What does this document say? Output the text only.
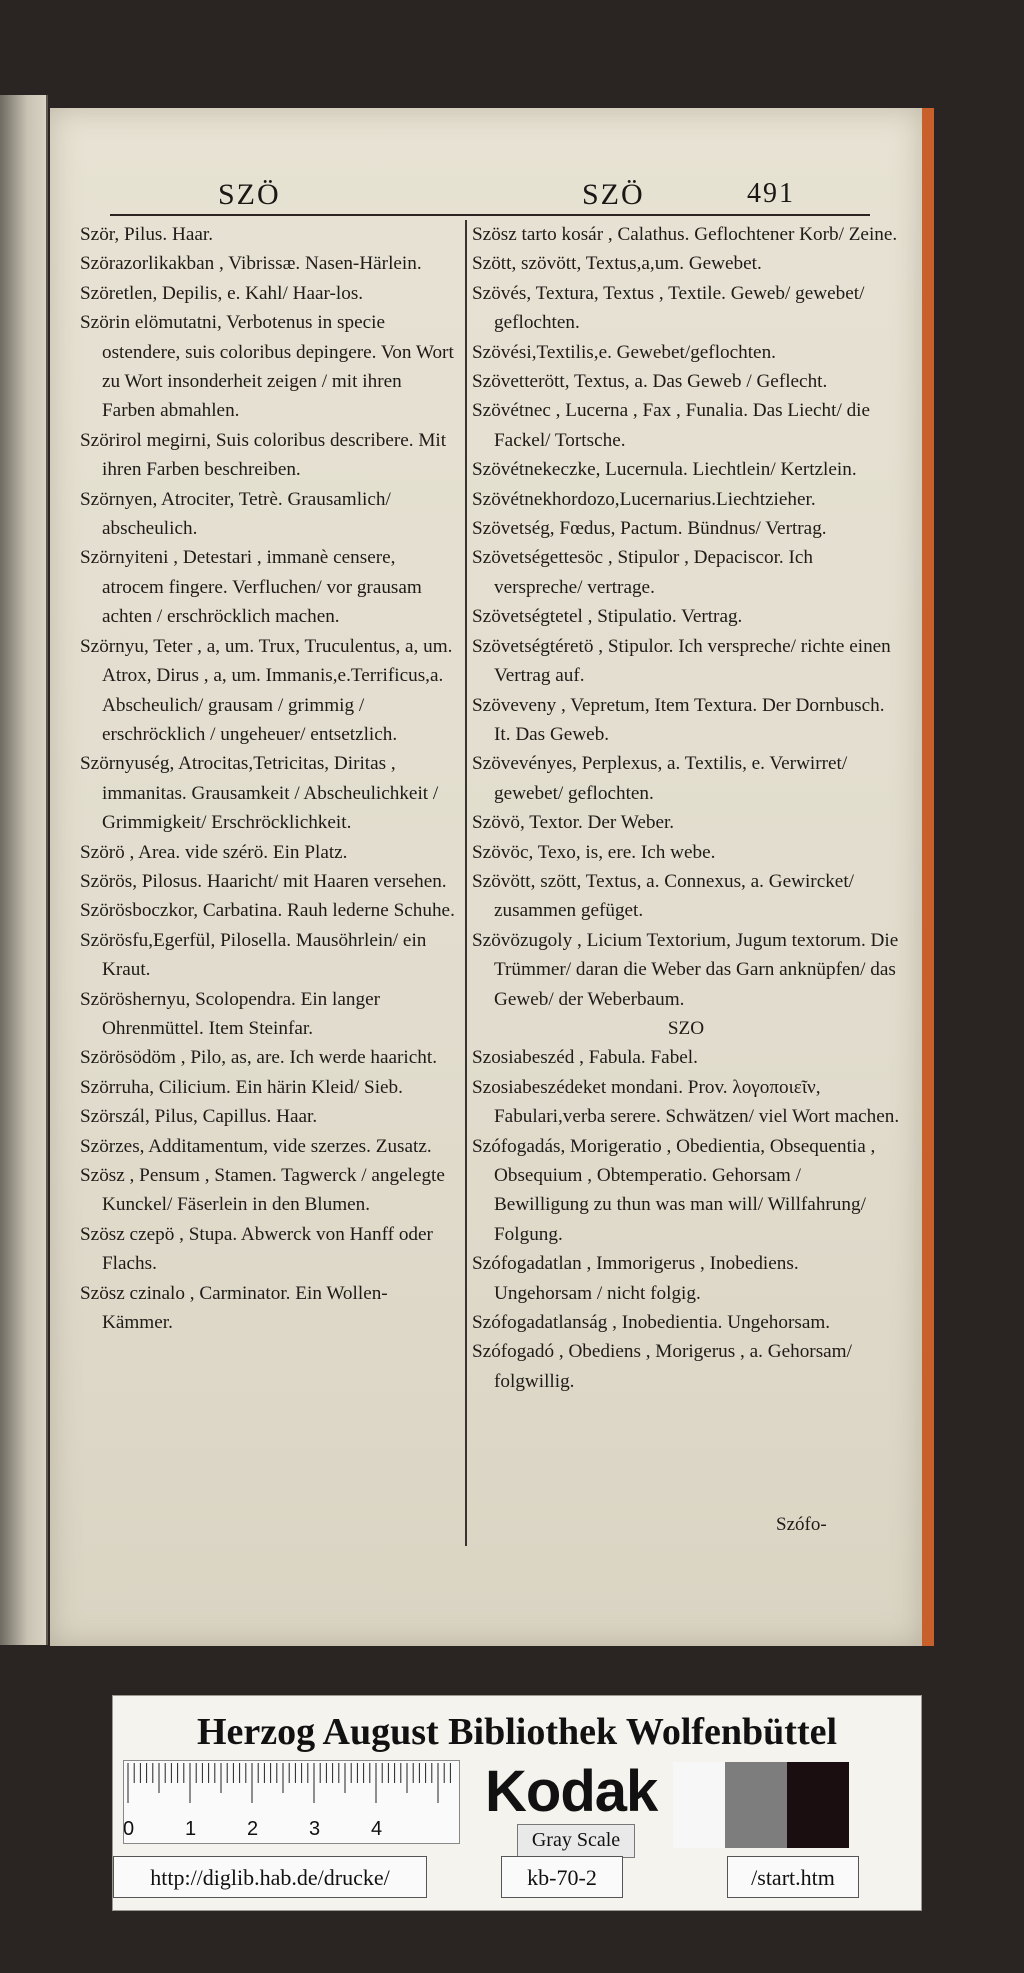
SZÖ	SZÖ	491

Ször, Pilus. Haar.

Szörazorlikakban , Vibrissæ. Nasen-Härlein.

Szöretlen, Depilis, e. Kahl/ Haar-los.

Szörin elömutatni, Verbotenus in specie ostendere, suis coloribus depingere. Von Wort zu Wort insonderheit zeigen / mit ihren Farben abmahlen.

Szörirol megirni, Suis coloribus describere. Mit ihren Farben beschreiben.

Szörnyen, Atrociter, Tetrè. Grausamlich/ abscheulich.

Szörnyiteni , Detestari , immanè censere, atrocem fingere. Verfluchen/ vor grausam achten / erschröcklich machen.

Szörnyu, Teter , a, um. Trux, Truculentus, a, um. Atrox, Dirus , a, um. Immanis,e.Terrificus,a. Abscheulich/ grausam / grimmig / erschröcklich / ungeheuer/ entsetzlich.

Szörnyuség, Atrocitas,Tetricitas, Diritas , immanitas. Grausamkeit / Abscheulichkeit / Grimmigkeit/ Erschröcklichkeit.

Szörö , Area. vide szérö. Ein Platz.

Szörös, Pilosus. Haaricht/ mit Haaren versehen.

Szörösboczkor, Carbatina. Rauh lederne Schuhe.

Szörösfu,Egerfül, Pilosella. Mausöhrlein/ ein Kraut.

Szöröshernyu, Scolopendra. Ein langer Ohrenmüttel. Item Steinfar.

Szörösödöm , Pilo, as, are. Ich werde haaricht.

Szörruha, Cilicium. Ein härin Kleid/ Sieb.

Szörszál, Pilus, Capillus. Haar.

Szörzes, Additamentum, vide szerzes. Zusatz.

Szösz , Pensum , Stamen. Tagwerck / angelegte Kunckel/ Fäserlein in den Blumen.

Szösz czepö , Stupa. Abwerck von Hanff oder Flachs.

Szösz czinalo , Carminator. Ein Wollen-Kämmer.

Szösz tarto kosár , Calathus. Geflochtener Korb/ Zeine.

Szött, szövött, Textus,a,um. Gewebet.

Szövés, Textura, Textus , Textile. Geweb/ gewebet/ geflochten.

Szövési,Textilis,e. Gewebet/geflochten.

Szövetterött, Textus, a. Das Geweb / Geflecht.

Szövétnec , Lucerna , Fax , Funalia. Das Liecht/ die Fackel/ Tortsche.

Szövétnekeczke, Lucernula. Liechtlein/ Kertzlein.

Szövétnekhordozo,Lucernarius.Liechtzieher.

Szövetség, Fœdus, Pactum. Bündnus/ Vertrag.

Szövetségettesöc , Stipulor , Depaciscor. Ich verspreche/ vertrage.

Szövetségtetel , Stipulatio. Vertrag.

Szövetségtéretö , Stipulor. Ich verspreche/ richte einen Vertrag auf.

Szöveveny , Vepretum, Item Textura. Der Dornbusch. It. Das Geweb.

Szövevényes, Perplexus, a. Textilis, e. Verwirret/ gewebet/ geflochten.

Szövö, Textor. Der Weber.

Szövöc, Texo, is, ere. Ich webe.

Szövött, szött, Textus, a. Connexus, a. Gewircket/ zusammen gefüget.

Szövözugoly , Licium Textorium, Jugum textorum. Die Trümmer/ daran die Weber das Garn anknüpfen/ das Geweb/ der Weberbaum.

SZO

Szosiabeszéd , Fabula. Fabel.

Szosiabeszédeket mondani. Prov. λογοποιεῖν, Fabulari,verba serere. Schwätzen/ viel Wort machen.

Szófogadás, Morigeratio , Obedientia, Obsequentia , Obsequium , Obtemperatio. Gehorsam / Bewilligung zu thun was man will/ Willfahrung/ Folgung.

Szófogadatlan , Immorigerus , Inobediens. Ungehorsam / nicht folgig.

Szófogadatlanság , Inobedientia. Ungehorsam.

Szófogadó , Obediens , Morigerus , a. Gehorsam/ folgwillig.

Szófo-
Herzog August Bibliothek Wolfenbüttel
0	1	2	3	4
Kodak
Gray Scale
http://diglib.hab.de/drucke/	kb-70-2	/start.htm
